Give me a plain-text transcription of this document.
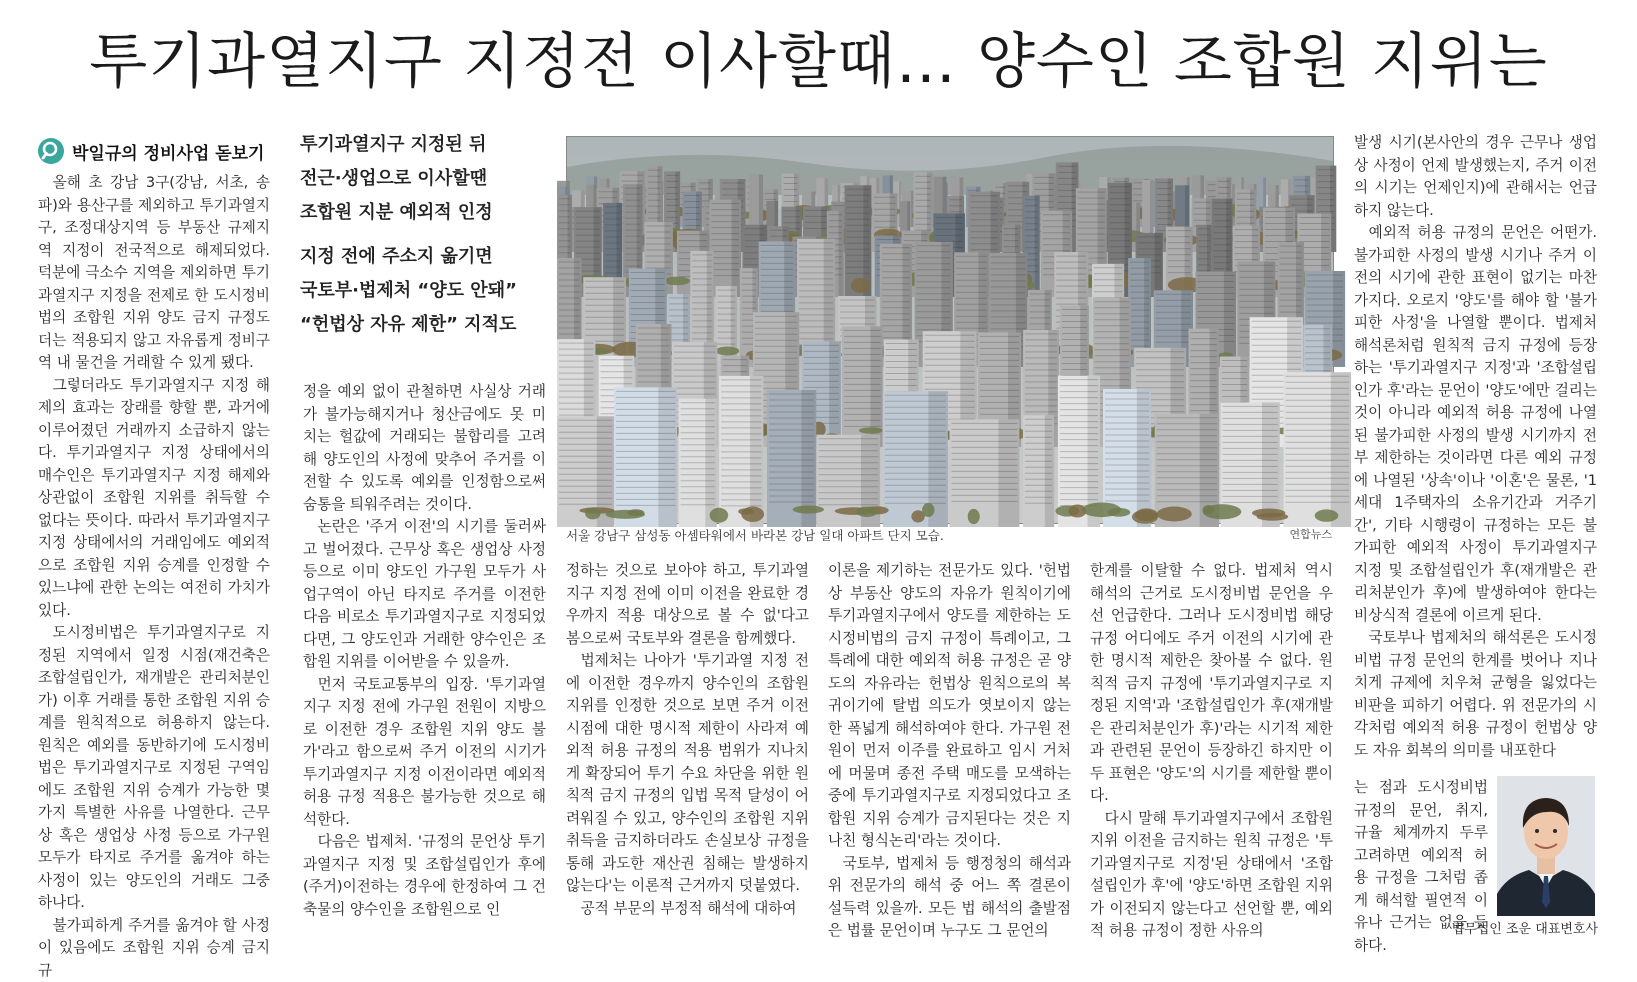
투기과열지구 지정전 이사할때… 양수인 조합원 지위는
박일규의 정비사업 돋보기

올해 초 강남 3구(강남, 서초, 송파)와 용산구를 제외하고 투기과열지구, 조정대상지역 등 부동산 규제지역 지정이 전국적으로 해제되었다. 덕분에 극소수 지역을 제외하면 투기과열지구 지정을 전제로 한 도시정비법의 조합원 지위 양도 금지 규정도 더는 적용되지 않고 자유롭게 정비구역 내 물건을 거래할 수 있게 됐다.

그렇더라도 투기과열지구 지정 해제의 효과는 장래를 향할 뿐, 과거에 이루어졌던 거래까지 소급하지 않는다. 투기과열지구 지정 상태에서의 매수인은 투기과열지구 지정 해제와 상관없이 조합원 지위를 취득할 수 없다는 뜻이다. 따라서 투기과열지구 지정 상태에서의 거래임에도 예외적으로 조합원 지위 승계를 인정할 수 있느냐에 관한 논의는 여전히 가치가 있다.

도시정비법은 투기과열지구로 지정된 지역에서 일정 시점(재건축은 조합설립인가, 재개발은 관리처분인가) 이후 거래를 통한 조합원 지위 승계를 원칙적으로 허용하지 않는다. 원칙은 예외를 동반하기에 도시정비법은 투기과열지구로 지정된 구역임에도 조합원 지위 승계가 가능한 몇 가지 특별한 사유를 나열한다. 근무상 혹은 생업상 사정 등으로 가구원 모두가 타지로 주거를 옮겨야 하는 사정이 있는 양도인의 거래도 그중 하나다.

불가피하게 주거를 옮겨야 할 사정이 있음에도 조합원 지위 승계 금지 규

투기과열지구 지정된 뒤
전근·생업으로 이사할땐
조합원 지분 예외적 인정
지정 전에 주소지 옮기면
국토부·법제처 “양도 안돼”
“헌법상 자유 제한” 지적도

정을 예외 없이 관철하면 사실상 거래가 불가능해지거나 청산금에도 못 미치는 헐값에 거래되는 불합리를 고려해 양도인의 사정에 맞추어 주거를 이전할 수 있도록 예외를 인정함으로써 숨통을 틔워주려는 것이다.

논란은 '주거 이전'의 시기를 둘러싸고 벌어졌다. 근무상 혹은 생업상 사정 등으로 이미 양도인 가구원 모두가 사업구역이 아닌 타지로 주거를 이전한 다음 비로소 투기과열지구로 지정되었다면, 그 양도인과 거래한 양수인은 조합원 지위를 이어받을 수 있을까.

먼저 국토교통부의 입장. '투기과열지구 지정 전에 가구원 전원이 지방으로 이전한 경우 조합원 지위 양도 불가'라고 함으로써 주거 이전의 시기가 투기과열지구 지정 이전이라면 예외적 허용 규정 적용은 불가능한 것으로 해석한다.

다음은 법제처. '규정의 문언상 투기과열지구 지정 및 조합설립인가 후에 (주거)이전하는 경우에 한정하여 그 건축물의 양수인을 조합원으로 인

서울 강남구 삼성동 아셈타워에서 바라본 강남 일대 아파트 단지 모습.	연합뉴스

정하는 것으로 보아야 하고, 투기과열지구 지정 전에 이미 이전을 완료한 경우까지 적용 대상으로 볼 수 없'다고 봄으로써 국토부와 결론을 함께했다.

법제처는 나아가 '투기과열 지정 전에 이전한 경우까지 양수인의 조합원 지위를 인정한 것으로 보면 주거 이전 시점에 대한 명시적 제한이 사라져 예외적 허용 규정의 적용 범위가 지나치게 확장되어 투기 수요 차단을 위한 원칙적 금지 규정의 입법 목적 달성이 어려워질 수 있고, 양수인의 조합원 지위 취득을 금지하더라도 손실보상 규정을 통해 과도한 재산권 침해는 발생하지 않는다'는 이론적 근거까지 덧붙였다.

공적 부문의 부정적 해석에 대하여

이론을 제기하는 전문가도 있다. '헌법상 부동산 양도의 자유가 원칙이기에 투기과열지구에서 양도를 제한하는 도시정비법의 금지 규정이 특례이고, 그 특례에 대한 예외적 허용 규정은 곧 양도의 자유라는 헌법상 원칙으로의 복귀이기에 탈법 의도가 엿보이지 않는 한 폭넓게 해석하여야 한다. 가구원 전원이 먼저 이주를 완료하고 임시 거처에 머물며 종전 주택 매도를 모색하는 중에 투기과열지구로 지정되었다고 조합원 지위 승계가 금지된다는 것은 지나친 형식논리'라는 것이다.

국토부, 법제처 등 행정청의 해석과 위 전문가의 해석 중 어느 쪽 결론이 설득력 있을까. 모든 법 해석의 출발점은 법률 문언이며 누구도 그 문언의

한계를 이탈할 수 없다. 법제처 역시 해석의 근거로 도시정비법 문언을 우선 언급한다. 그러나 도시정비법 해당 규정 어디에도 주거 이전의 시기에 관한 명시적 제한은 찾아볼 수 없다. 원칙적 금지 규정에 '투기과열지구로 지정된 지역'과 '조합설립인가 후(재개발은 관리처분인가 후)'라는 시기적 제한과 관련된 문언이 등장하긴 하지만 이 두 표현은 '양도'의 시기를 제한할 뿐이다.

다시 말해 투기과열지구에서 조합원 지위 이전을 금지하는 원칙 규정은 '투기과열지구로 지정'된 상태에서 '조합설립인가 후'에 '양도'하면 조합원 지위가 이전되지 않는다고 선언할 뿐, 예외적 허용 규정이 정한 사유의

발생 시기(본사안의 경우 근무나 생업상 사정이 언제 발생했는지, 주거 이전의 시기는 언제인지)에 관해서는 언급하지 않는다.

예외적 허용 규정의 문언은 어떤가. 불가피한 사정의 발생 시기나 주거 이전의 시기에 관한 표현이 없기는 마찬가지다. 오로지 '양도'를 해야 할 '불가피한 사정'을 나열할 뿐이다. 법제처 해석론처럼 원칙적 금지 규정에 등장하는 '투기과열지구 지정'과 '조합설립인가 후'라는 문언이 '양도'에만 걸리는 것이 아니라 예외적 허용 규정에 나열된 불가피한 사정의 발생 시기까지 전부 제한하는 것이라면 다른 예외 규정에 나열된 '상속'이나 '이혼'은 물론, '1세대 1주택자의 소유기간과 거주기간', 기타 시행령이 규정하는 모든 불가피한 예외적 사정이 투기과열지구 지정 및 조합설립인가 후(재개발은 관리처분인가 후)에 발생하여야 한다는 비상식적 결론에 이르게 된다.

국토부나 법제처의 해석론은 도시정비법 규정 문언의 한계를 벗어나 지나치게 규제에 치우쳐 균형을 잃었다는 비판을 피하기 어렵다. 위 전문가의 시각처럼 예외적 허용 규정이 헌법상 양도 자유 회복의 의미를 내포한다

는 점과 도시정비법 규정의 문언, 취지, 규율 체계까지 두루 고려하면 예외적 허용 규정을 그처럼 좁게 해석할 필연적 이유나 근거는 없을 듯하다.

법무법인 조운 대표변호사
